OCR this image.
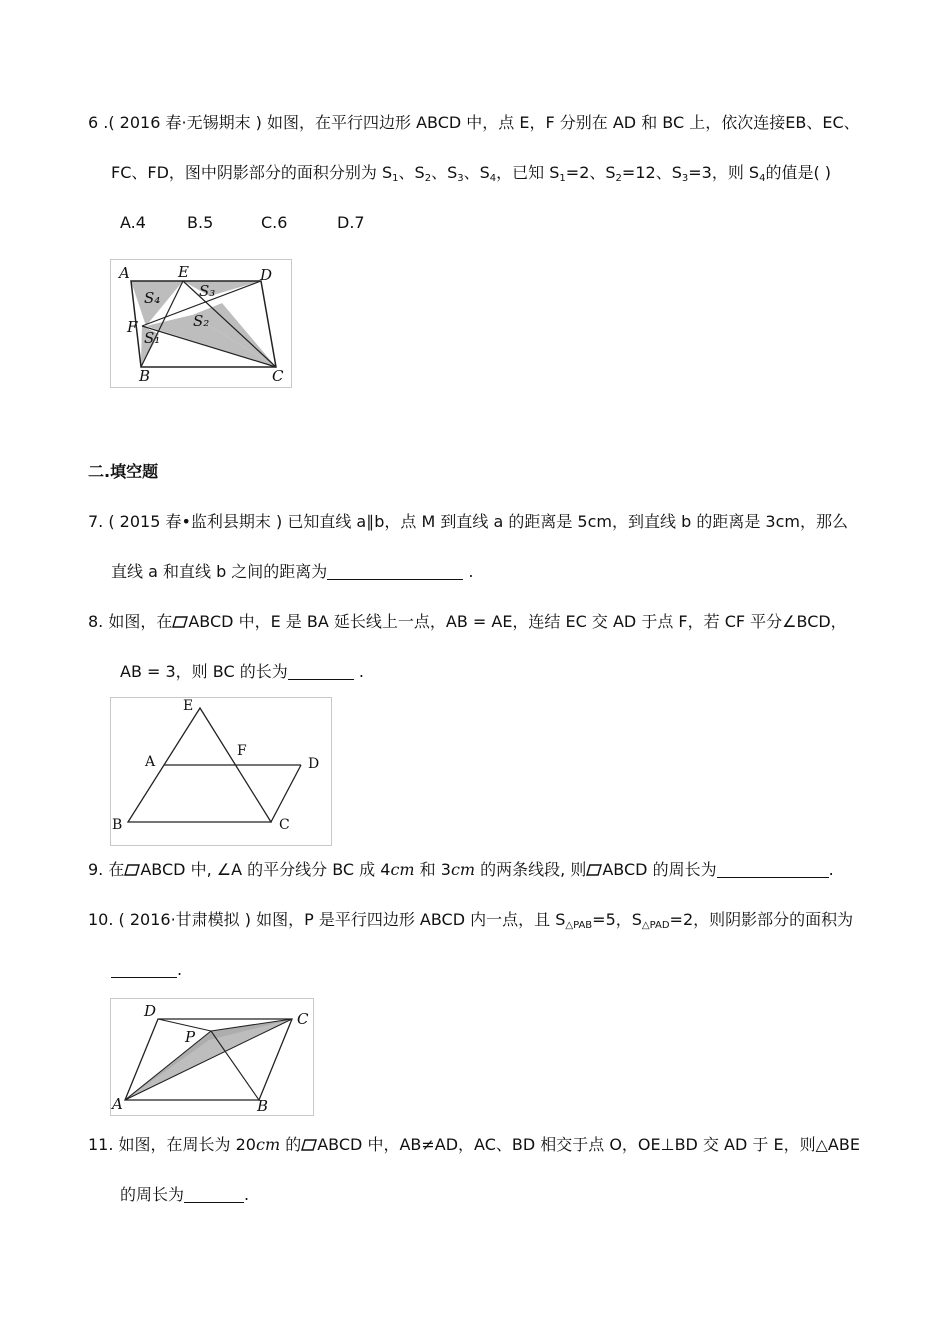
6 .( 2016 春·无锡期末 ) 如图，在平行四边形 ABCD 中，点 E，F 分别在 AD 和 BC 上，依次连接EB、EC、
FC、FD，图中阴影部分的面积分别为 $S_1$、$S_2$、$S_3$、$S_4$，已知 $S_1=2$、$S_2=12$、$S_3=3$，则 $S_4$的值是( )
A.4	B.5	C.6	D.7
A	E	D
F
B	C
S₄	S₃
S₂
S₁
二.填空题
7. ( 2015 春•监利县期末 ) 已知直线 a∥b，点 M 到直线 a 的距离是 5cm，到直线 b 的距离是 3cm，那么
直线 a 和直线 b 之间的距离为	.
8. 如图，在 ABCD 中，E 是 BA 延长线上一点，AB = AE，连结 EC 交 AD 于点 F，若 CF 平分∠BCD，
AB = 3，则 BC 的长为	.
E
A
F
D
B	C
9. 在 ABCD 中, ∠A 的平分线分 BC 成 4cm 和 3cm 的两条线段, 则 ABCD 的周长为	.
10. ( 2016·甘肃模拟 ) 如图，P 是平行四边形 ABCD 内一点，且 $S_{\triangle PAB}=5$，$S_{\triangle PAD}=2$，则阴影部分的面积为
.
D	C
P
A	B
11. 如图，在周长为 20cm 的 ABCD 中，AB≠AD，AC、BD 相交于点 O，OE⊥BD 交 AD 于 E，则△ABE
的周长为	.
